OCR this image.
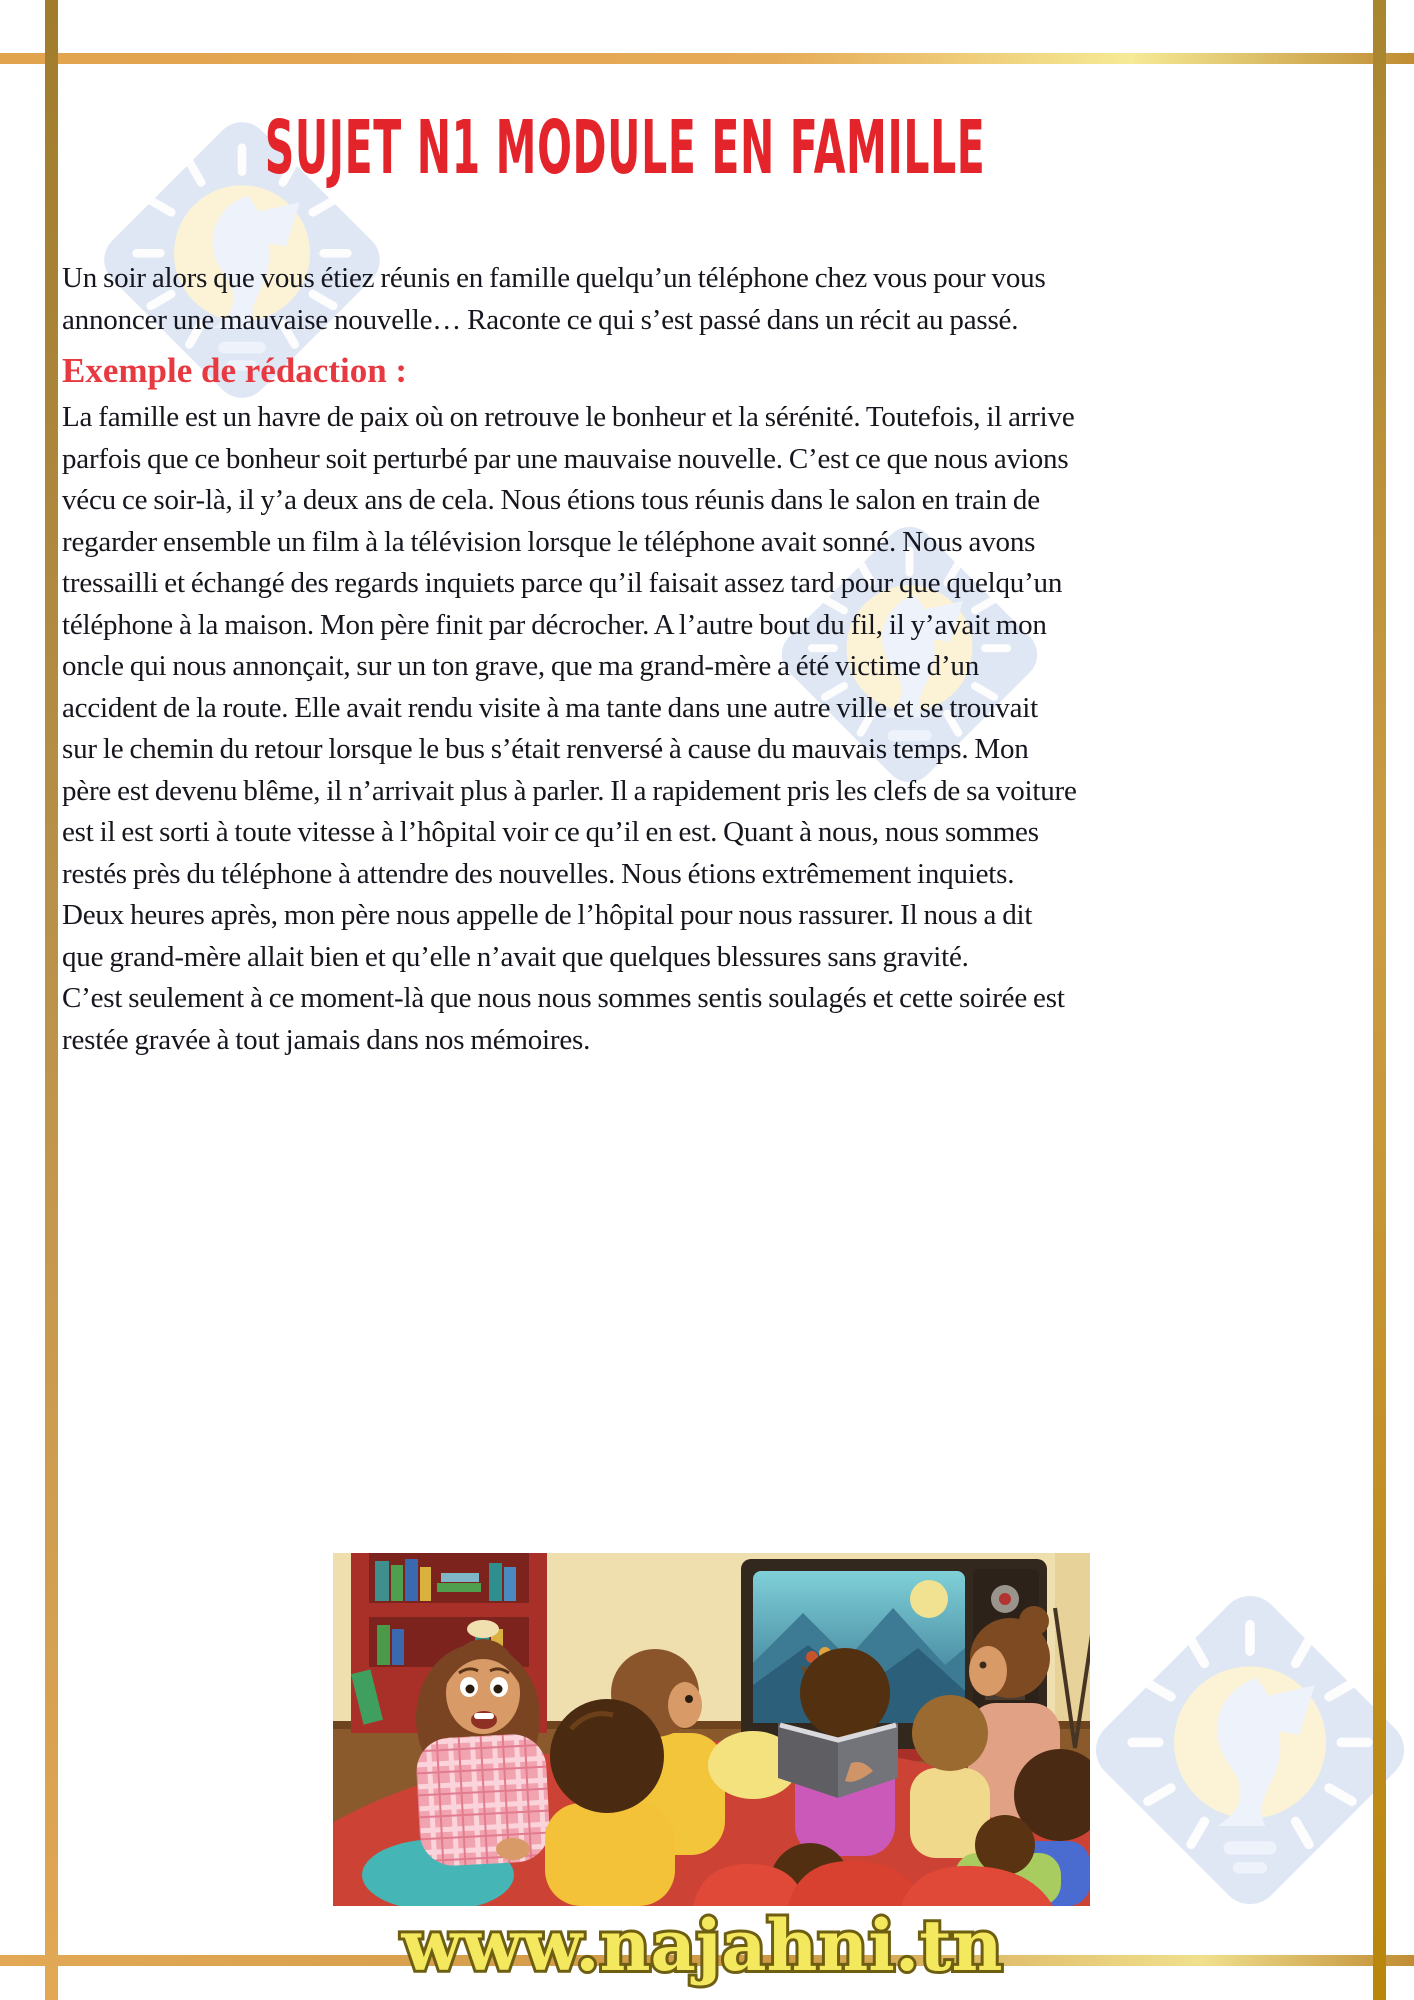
SUJET N1 MODULE EN FAMILLE

Un soir alors que vous étiez réunis en famille quelqu’un téléphone chez vous pour vous annoncer une mauvaise nouvelle… Raconte ce qui s’est passé dans un récit au passé.

Exemple de rédaction :

La famille est un havre de paix où on retrouve le bonheur et la sérénité. Toutefois, il arrive parfois que ce bonheur soit perturbé par une mauvaise nouvelle. C’est ce que nous avions vécu ce soir-là, il y’a deux ans de cela. Nous étions tous réunis dans le salon en train de regarder ensemble un film à la télévision lorsque le téléphone avait sonné. Nous avons tressailli et échangé des regards inquiets parce qu’il faisait assez tard pour que quelqu’un téléphone à la maison. Mon père finit par décrocher. A l’autre bout du fil, il y’avait mon oncle qui nous annonçait, sur un ton grave, que ma grand-mère a été victime d’un accident de la route. Elle avait rendu visite à ma tante dans une autre ville et se trouvait sur le chemin du retour lorsque le bus s’était renversé à cause du mauvais temps. Mon père est devenu blême, il n’arrivait plus à parler. Il a rapidement pris les clefs de sa voiture est il est sorti à toute vitesse à l’hôpital voir ce qu’il en est. Quant à nous, nous sommes restés près du téléphone à attendre des nouvelles. Nous étions extrêmement inquiets.

Deux heures après, mon père nous appelle de l’hôpital pour nous rassurer. Il nous a dit que grand-mère allait bien et qu’elle n’avait que quelques blessures sans gravité.

C’est seulement à ce moment-là que nous nous sommes sentis soulagés et cette soirée est restée gravée à tout jamais dans nos mémoires.

www.najahni.tn
